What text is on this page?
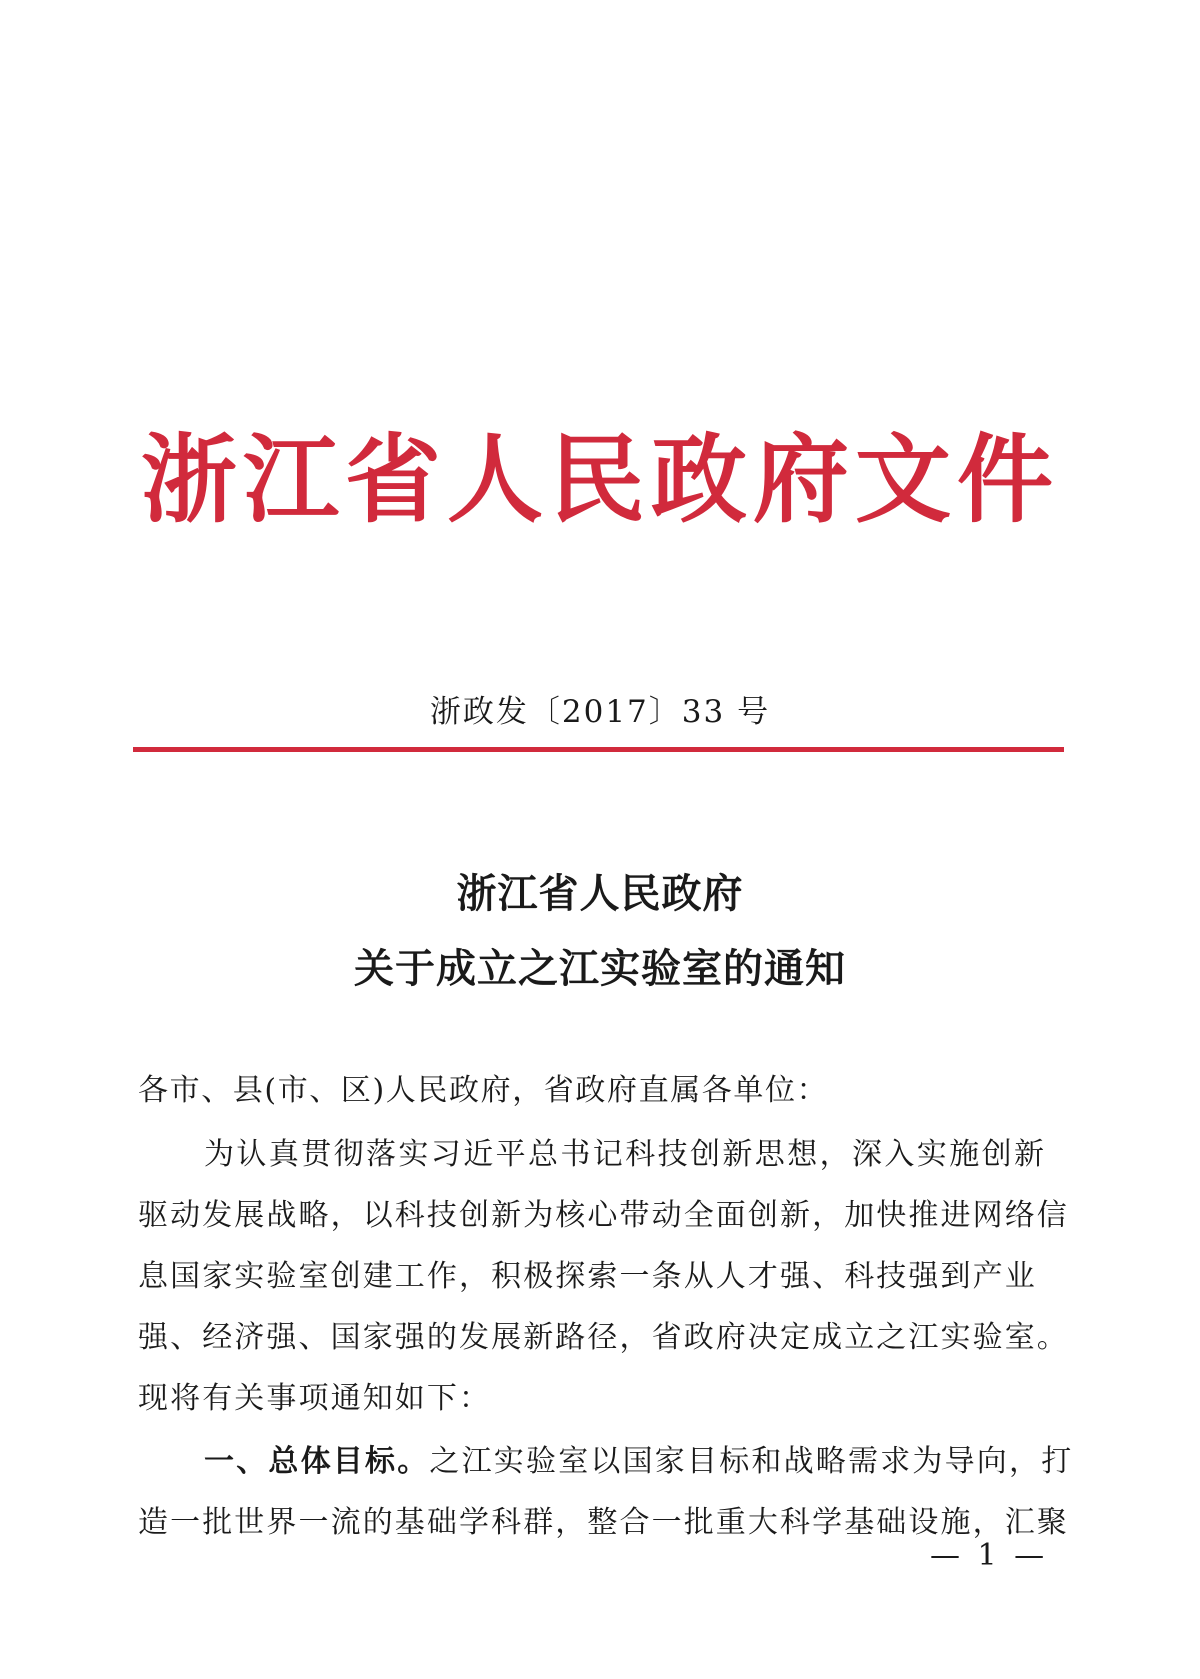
浙江省人民政府文件
浙政发〔2017〕33 号
浙江省人民政府
关于成立之江实验室的通知
各市、县(市、区)人民政府，省政府直属各单位：
为认真贯彻落实习近平总书记科技创新思想，深入实施创新
驱动发展战略，以科技创新为核心带动全面创新，加快推进网络信
息国家实验室创建工作，积极探索一条从人才强、科技强到产业
强、经济强、国家强的发展新路径，省政府决定成立之江实验室。
现将有关事项通知如下：
一、总体目标。之江实验室以国家目标和战略需求为导向，打
造一批世界一流的基础学科群，整合一批重大科学基础设施，汇聚
— 1 —
